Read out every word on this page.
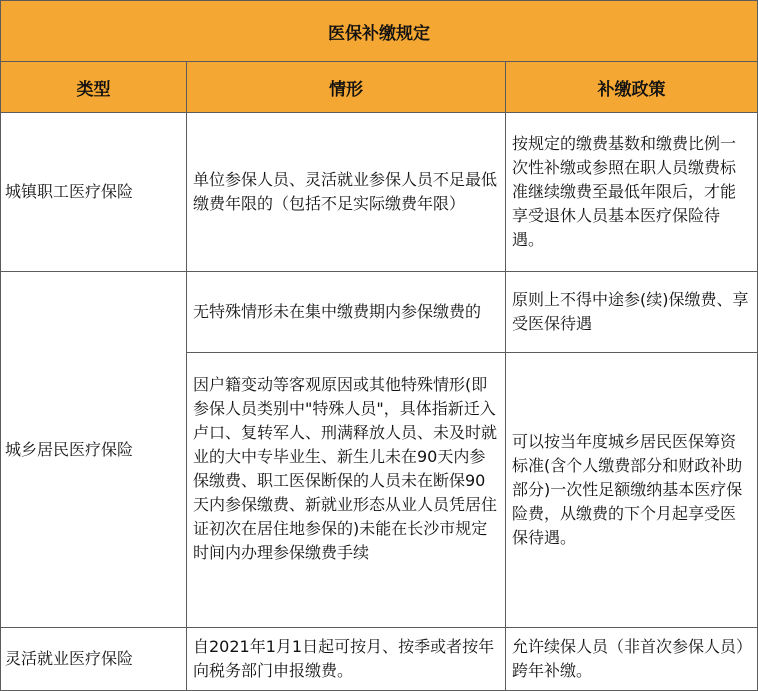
医保补缴规定		
类型	情形	补缴政策
城镇职工医疗保险	单位参保人员、灵活就业参保人员不足最低缴费年限的（包括不足实际缴费年限）	按规定的缴费基数和缴费比例一次性补缴或参照在职人员缴费标准继续缴费至最低年限后，才能享受退休人员基本医疗保险待遇。
城乡居民医疗保险	无特殊情形未在集中缴费期内参保缴费的	原则上不得中途参(续)保缴费、享受医保待遇
	因户籍变动等客观原因或其他特殊情形(即参保人员类别中"特殊人员"，具体指新迁入卢口、复转军人、刑满释放人员、未及时就业的大中专毕业生、新生儿未在90天内参保缴费、职工医保断保的人员未在断保90天内参保缴费、新就业形态从业人员凭居住证初次在居住地参保的)未能在长沙市规定时间内办理参保缴费手续	可以按当年度城乡居民医保筹资标准(含个人缴费部分和财政补助部分)一次性足额缴纳基本医疗保险费，从缴费的下个月起享受医保待遇。
灵活就业医疗保险	自2021年1月1日起可按月、按季或者按年向税务部门申报缴费。	允许续保人员（非首次参保人员）跨年补缴。
